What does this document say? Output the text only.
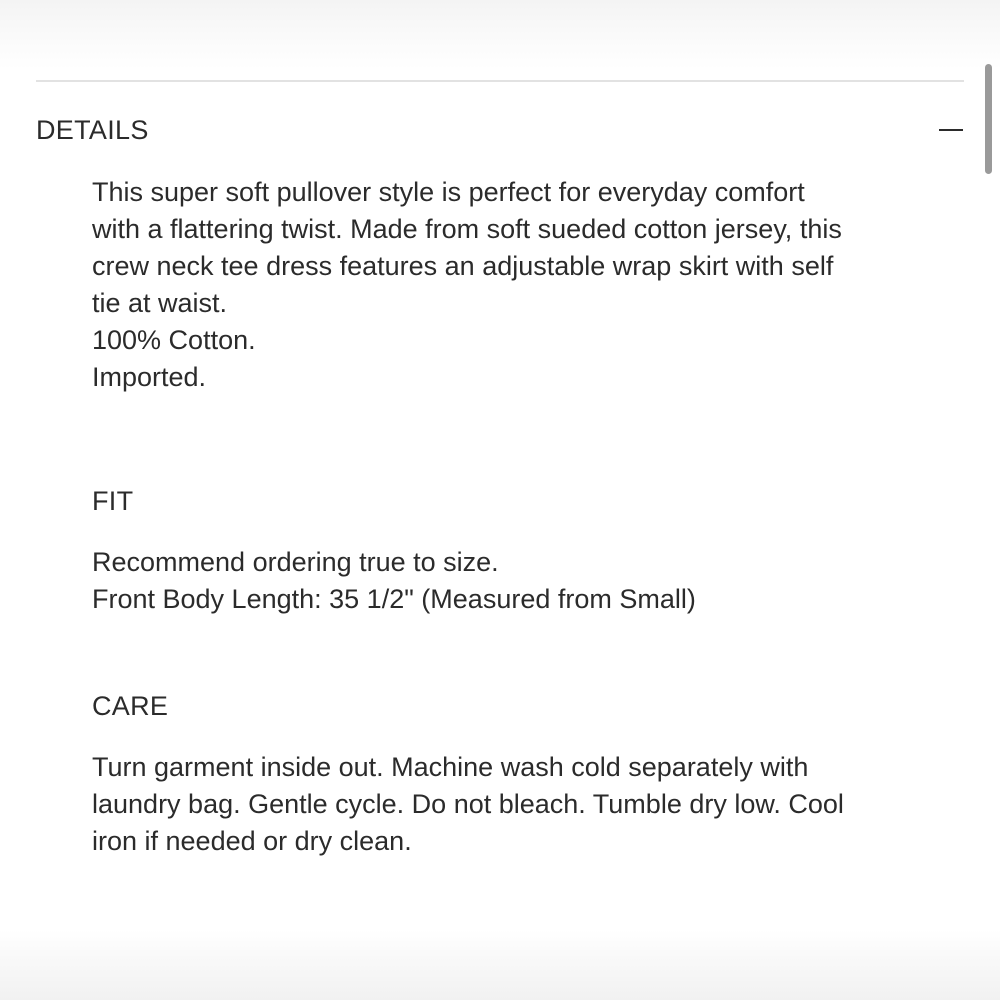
DETAILS
This super soft pullover style is perfect for everyday comfort
with a flattering twist. Made from soft sueded cotton jersey, this
crew neck tee dress features an adjustable wrap skirt with self
tie at waist.
100% Cotton.
Imported.
FIT
Recommend ordering true to size.
Front Body Length: 35 1/2" (Measured from Small)
CARE
Turn garment inside out. Machine wash cold separately with
laundry bag. Gentle cycle. Do not bleach. Tumble dry low. Cool
iron if needed or dry clean.
